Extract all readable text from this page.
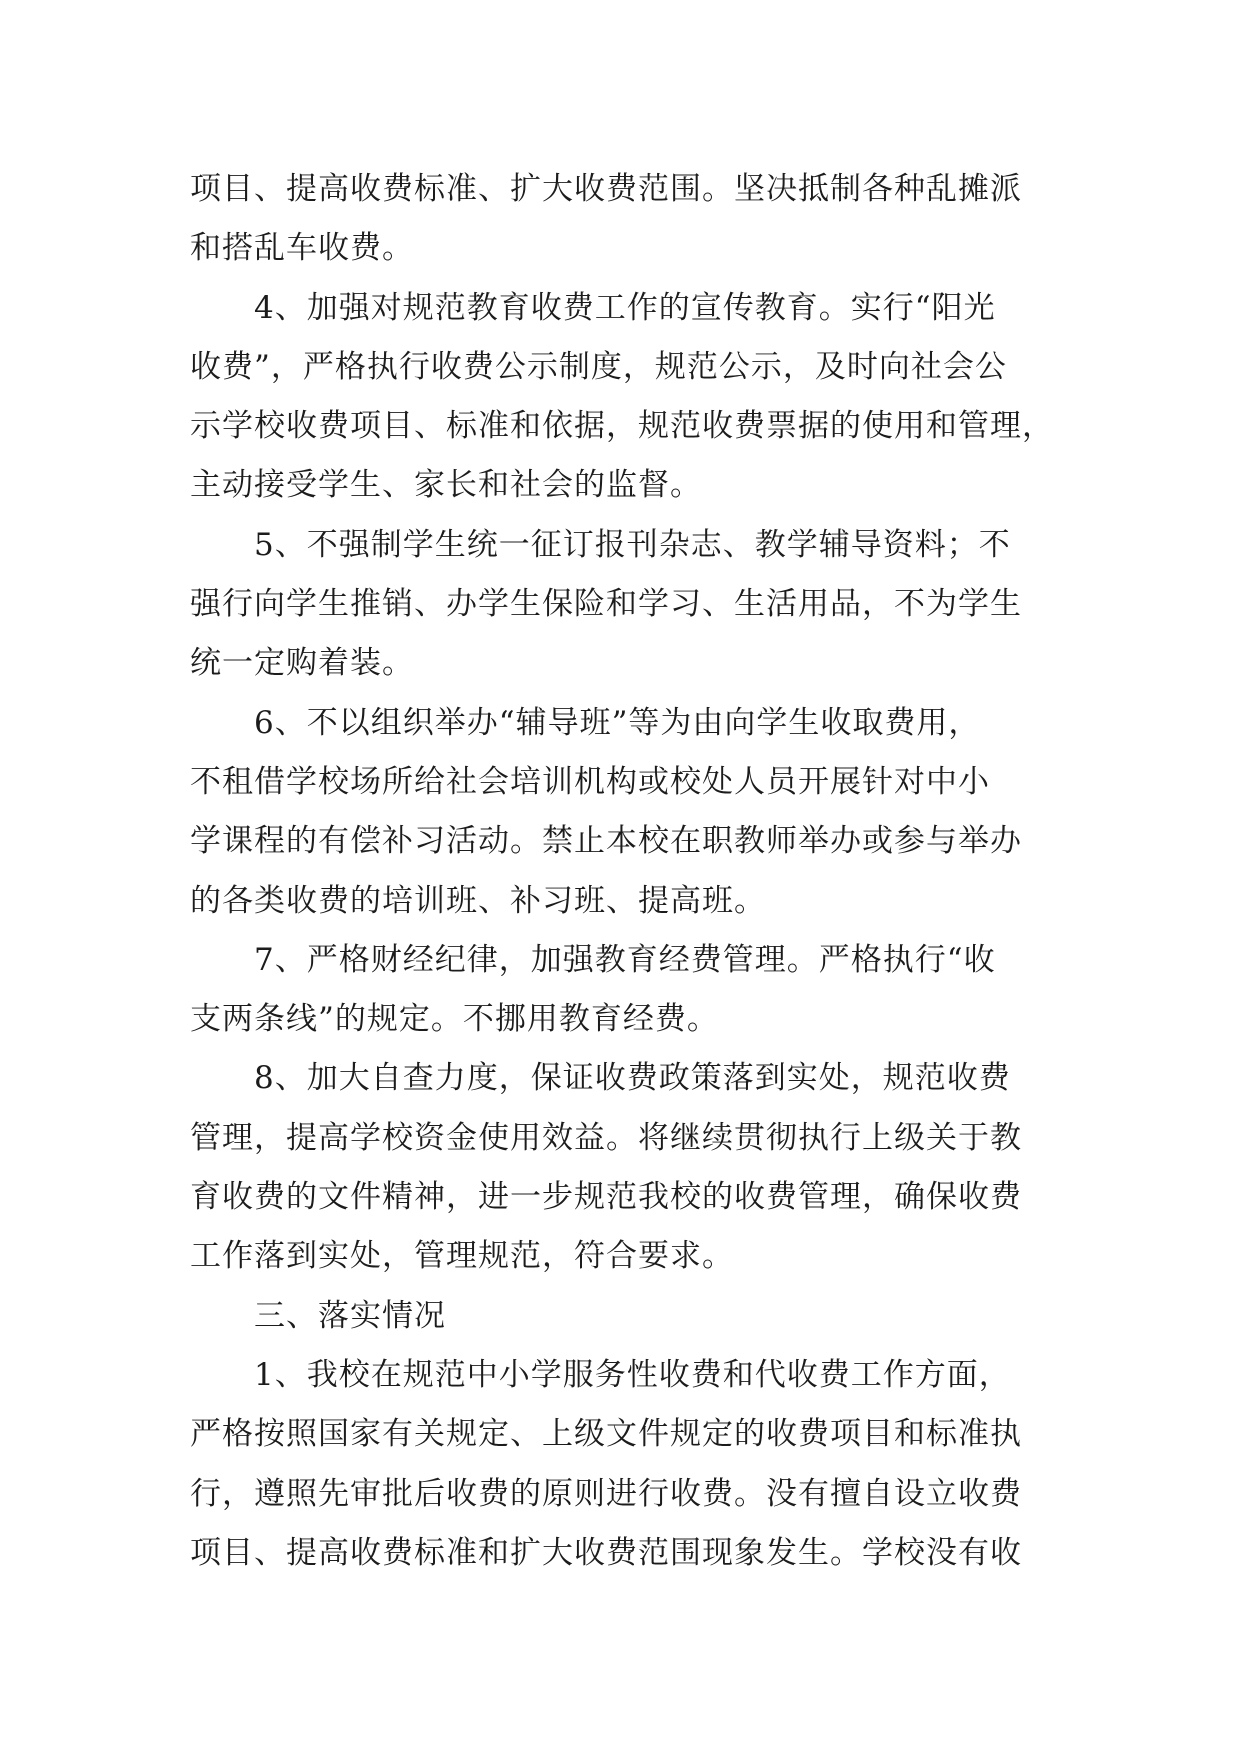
项目、提高收费标准、扩大收费范围。坚决抵制各种乱摊派
和搭乱车收费。
4、加强对规范教育收费工作的宣传教育。实行“阳光
收费”，严格执行收费公示制度，规范公示，及时向社会公
示学校收费项目、标准和依据，规范收费票据的使用和管理，
主动接受学生、家长和社会的监督。
5、不强制学生统一征订报刊杂志、教学辅导资料；不
强行向学生推销、办学生保险和学习、生活用品，不为学生
统一定购着装。
6、不以组织举办“辅导班”等为由向学生收取费用，
不租借学校场所给社会培训机构或校处人员开展针对中小
学课程的有偿补习活动。禁止本校在职教师举办或参与举办
的各类收费的培训班、补习班、提高班。
7、严格财经纪律，加强教育经费管理。严格执行“收
支两条线”的规定。不挪用教育经费。
8、加大自查力度，保证收费政策落到实处，规范收费
管理，提高学校资金使用效益。将继续贯彻执行上级关于教
育收费的文件精神，进一步规范我校的收费管理，确保收费
工作落到实处，管理规范，符合要求。
三、落实情况
1、我校在规范中小学服务性收费和代收费工作方面，
严格按照国家有关规定、上级文件规定的收费项目和标准执
行，遵照先审批后收费的原则进行收费。没有擅自设立收费
项目、提高收费标准和扩大收费范围现象发生。学校没有收
